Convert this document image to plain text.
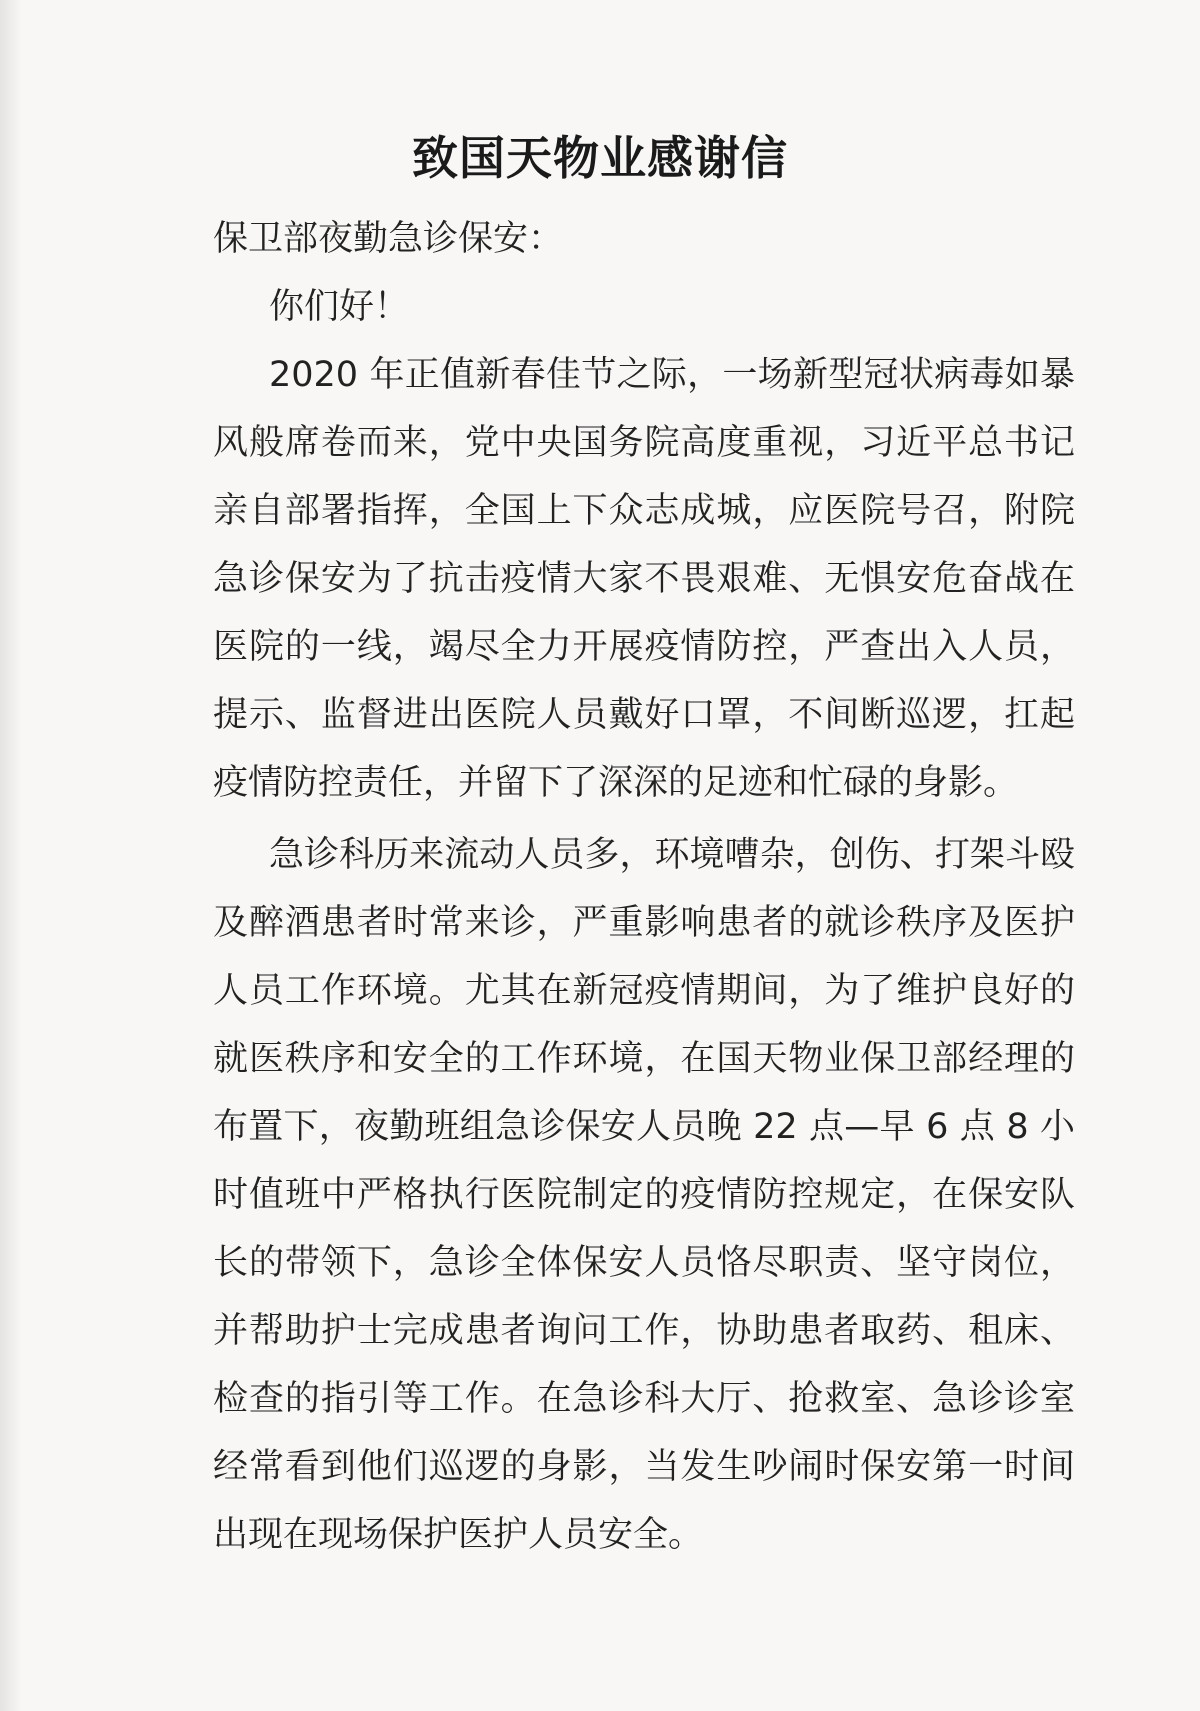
致国天物业感谢信

保卫部夜勤急诊保安：

你们好！

2020 年正值新春佳节之际，一场新型冠状病毒如暴风般席卷而来，党中央国务院高度重视，习近平总书记亲自部署指挥，全国上下众志成城，应医院号召，附院急诊保安为了抗击疫情大家不畏艰难、无惧安危奋战在医院的一线，竭尽全力开展疫情防控，严查出入人员，提示、监督进出医院人员戴好口罩，不间断巡逻，扛起疫情防控责任，并留下了深深的足迹和忙碌的身影。

急诊科历来流动人员多，环境嘈杂，创伤、打架斗殴及醉酒患者时常来诊，严重影响患者的就诊秩序及医护人员工作环境。尤其在新冠疫情期间，为了维护良好的就医秩序和安全的工作环境，在国天物业保卫部经理的布置下，夜勤班组急诊保安人员晚 22 点—早 6 点 8 小时值班中严格执行医院制定的疫情防控规定，在保安队长的带领下，急诊全体保安人员恪尽职责、坚守岗位，并帮助护士完成患者询问工作，协助患者取药、租床、检查的指引等工作。在急诊科大厅、抢救室、急诊诊室经常看到他们巡逻的身影，当发生吵闹时保安第一时间出现在现场保护医护人员安全。
